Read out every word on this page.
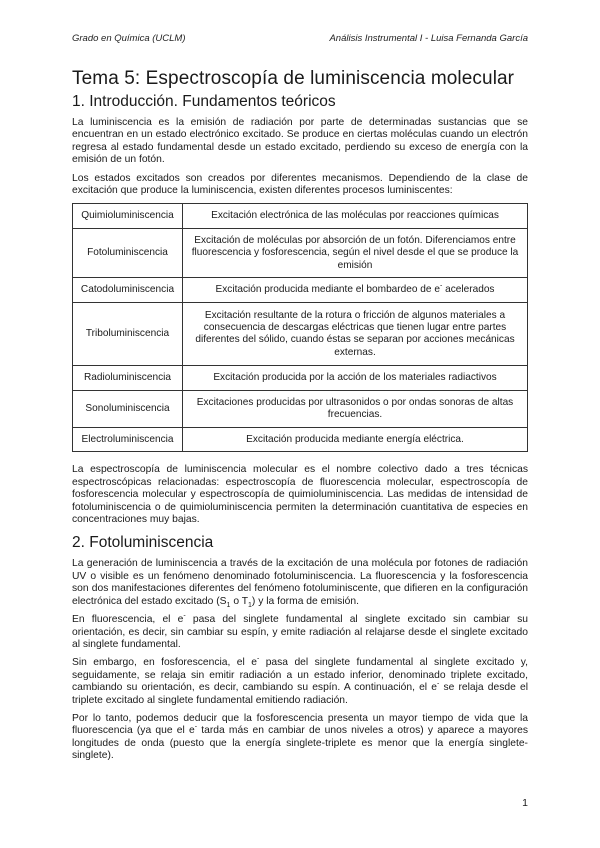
Grado en Química (UCLM)	Análisis Instrumental I - Luisa Fernanda García
Tema 5: Espectroscopía de luminiscencia molecular
1. Introducción. Fundamentos teóricos

La luminiscencia es la emisión de radiación por parte de determinadas sustancias que se encuentran en un estado electrónico excitado. Se produce en ciertas moléculas cuando un electrón regresa al estado fundamental desde un estado excitado, perdiendo su exceso de energía con la emisión de un fotón.

Los estados excitados son creados por diferentes mecanismos. Dependiendo de la clase de excitación que produce la luminiscencia, existen diferentes procesos luminiscentes:

Quimioluminiscencia	Excitación electrónica de las moléculas por reacciones químicas
Fotoluminiscencia	Excitación de moléculas por absorción de un fotón. Diferenciamos entre fluorescencia y fosforescencia, según el nivel desde el que se produce la emisión
Catodoluminiscencia	Excitación producida mediante el bombardeo de e- acelerados
Triboluminiscencia	Excitación resultante de la rotura o fricción de algunos materiales a consecuencia de descargas eléctricas que tienen lugar entre partes diferentes del sólido, cuando éstas se separan por acciones mecánicas externas.
Radioluminiscencia	Excitación producida por la acción de los materiales radiactivos
Sonoluminiscencia	Excitaciones producidas por ultrasonidos o por ondas sonoras de altas frecuencias.
Electroluminiscencia	Excitación producida mediante energía eléctrica.

La espectroscopía de luminiscencia molecular es el nombre colectivo dado a tres técnicas espectroscópicas relacionadas: espectroscopía de fluorescencia molecular, espectroscopía de fosforescencia molecular y espectroscopía de quimioluminiscencia. Las medidas de intensidad de fotoluminiscencia o de quimioluminiscencia permiten la determinación cuantitativa de especies en concentraciones muy bajas.

2. Fotoluminiscencia

La generación de luminiscencia a través de la excitación de una molécula por fotones de radiación UV o visible es un fenómeno denominado fotoluminiscencia. La fluorescencia y la fosforescencia son dos manifestaciones diferentes del fenómeno fotoluminiscente, que difieren en la configuración electrónica del estado excitado ($S_1$ o $T_1$) y la forma de emisión.

En fluorescencia, el e- pasa del singlete fundamental al singlete excitado sin cambiar su orientación, es decir, sin cambiar su espín, y emite radiación al relajarse desde el singlete excitado al singlete fundamental.

Sin embargo, en fosforescencia, el e- pasa del singlete fundamental al singlete excitado y, seguidamente, se relaja sin emitir radiación a un estado inferior, denominado triplete excitado, cambiando su orientación, es decir, cambiando su espín. A continuación, el e- se relaja desde el triplete excitado al singlete fundamental emitiendo radiación.

Por lo tanto, podemos deducir que la fosforescencia presenta un mayor tiempo de vida que la fluorescencia (ya que el e- tarda más en cambiar de unos niveles a otros) y aparece a mayores longitudes de onda (puesto que la energía singlete-triplete es menor que la energía singlete-singlete).

1
